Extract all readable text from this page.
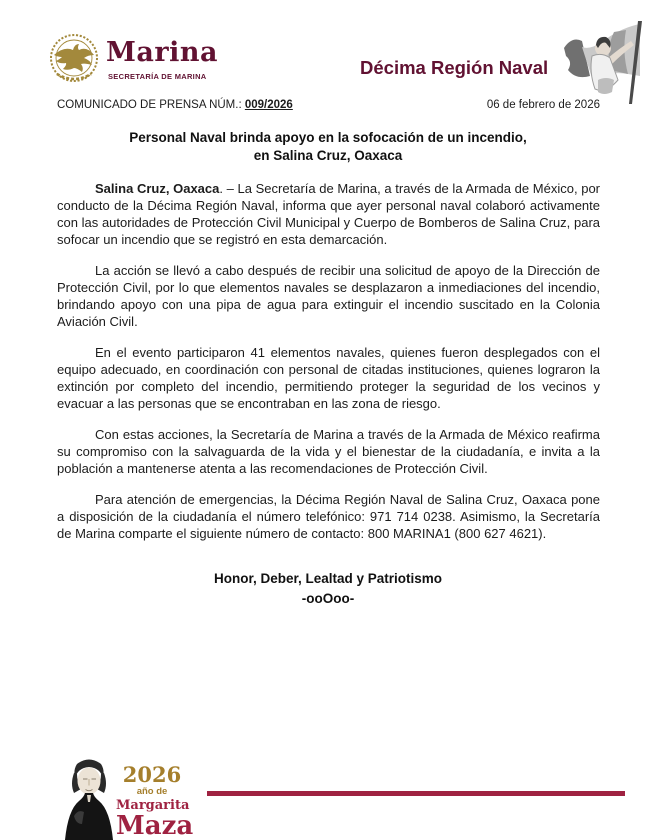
Marina
SECRETARÍA DE MARINA	Décima Región Naval
COMUNICADO DE PRENSA NÚM.: 009/2026	06 de febrero de 2026
Personal Naval brinda apoyo en la sofocación de un incendio,
en Salina Cruz, Oaxaca

Salina Cruz, Oaxaca. – La Secretaría de Marina, a través de la Armada de México, por conducto de la Décima Región Naval, informa que ayer personal naval colaboró activamente con las autoridades de Protección Civil Municipal y Cuerpo de Bomberos de Salina Cruz, para sofocar un incendio que se registró en esta demarcación.

La acción se llevó a cabo después de recibir una solicitud de apoyo de la Dirección de Protección Civil, por lo que elementos navales se desplazaron a inmediaciones del incendio, brindando apoyo con una pipa de agua para extinguir el incendio suscitado en la Colonia Aviación Civil.

En el evento participaron 41 elementos navales, quienes fueron desplegados con el equipo adecuado, en coordinación con personal de citadas instituciones, quienes lograron la extinción por completo del incendio, permitiendo proteger la seguridad de los vecinos y evacuar a las personas que se encontraban en las zona de riesgo.

Con estas acciones, la Secretaría de Marina a través de la Armada de México reafirma su compromiso con la salvaguarda de la vida y el bienestar de la ciudadanía, e invita a la población a mantenerse atenta a las recomendaciones de Protección Civil.

Para atención de emergencias, la Décima Región Naval de Salina Cruz, Oaxaca pone a disposición de la ciudadanía el número telefónico: 971 714 0238. Asimismo, la Secretaría de Marina comparte el siguiente número de contacto: 800 MARINA1 (800 627 4621).

Honor, Deber, Lealtad y Patriotismo
-ooOoo-
2026
año de
Margarita
Maza
